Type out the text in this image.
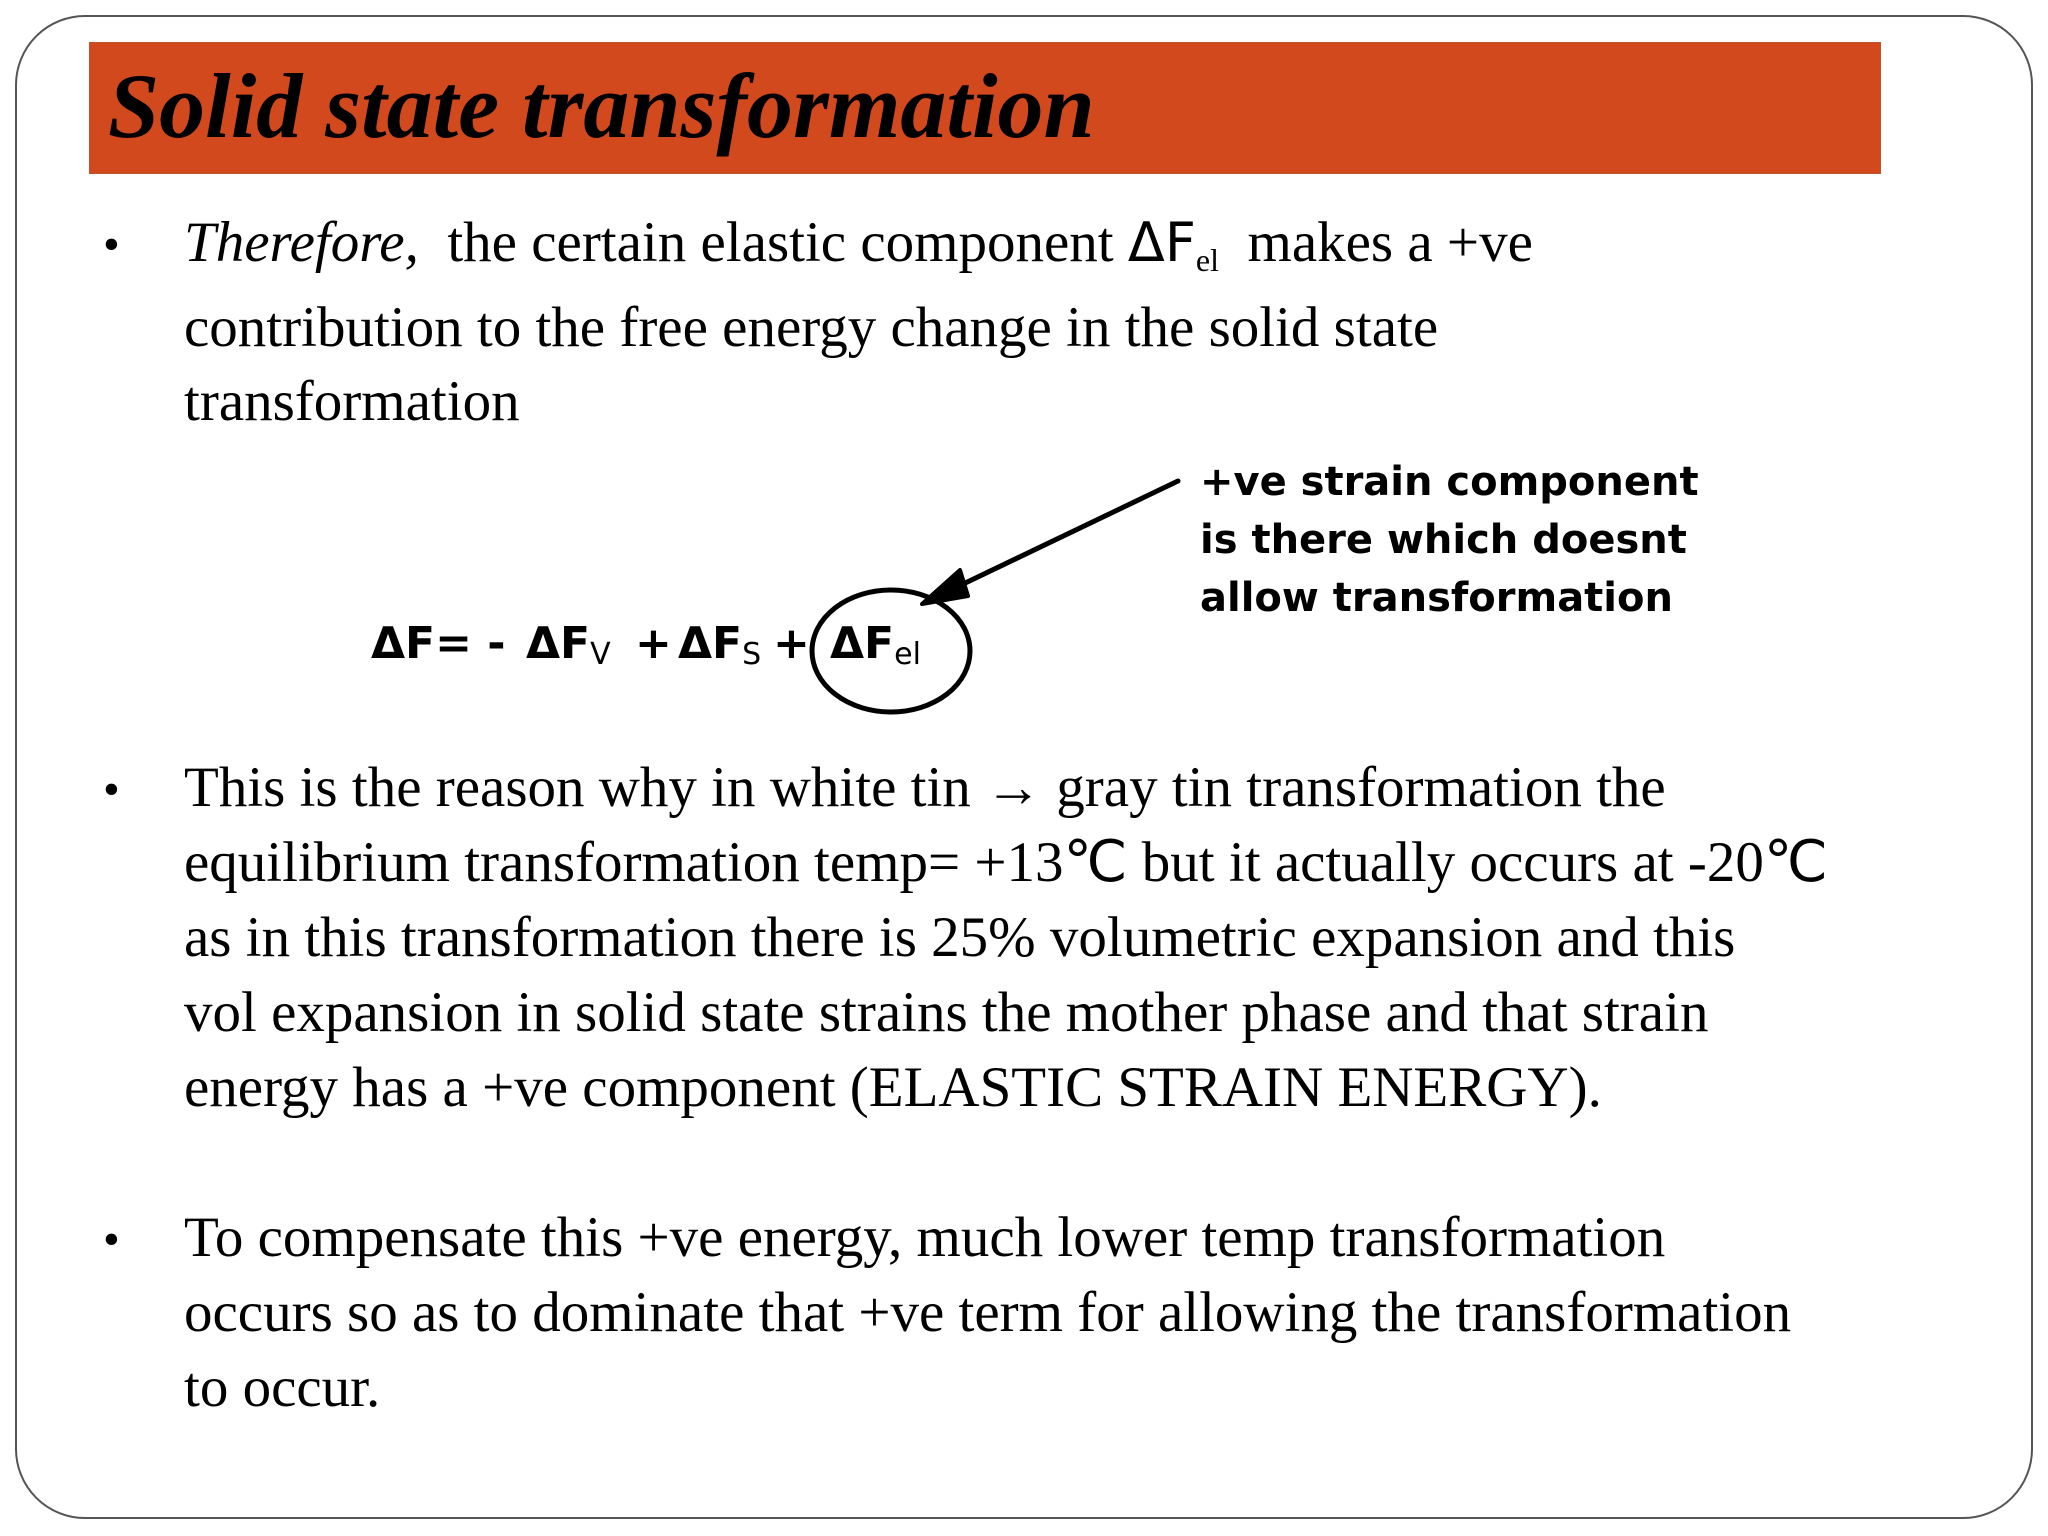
Solid state transformation
• Therefore, the certain elastic component ΔFel makes a +ve
contribution to the free energy change in the solid state
transformation
ΔF= - ΔFV + ΔFS + ΔFel
+ve strain component
is there which doesnt
allow transformation
• This is the reason why in white tin → gray tin transformation the
equilibrium transformation temp= +13℃ but it actually occurs at -20℃
as in this transformation there is 25% volumetric expansion and this
vol expansion in solid state strains the mother phase and that strain
energy has a +ve component (ELASTIC STRAIN ENERGY).
• To compensate this +ve energy, much lower temp transformation
occurs so as to dominate that +ve term for allowing the transformation
to occur.
